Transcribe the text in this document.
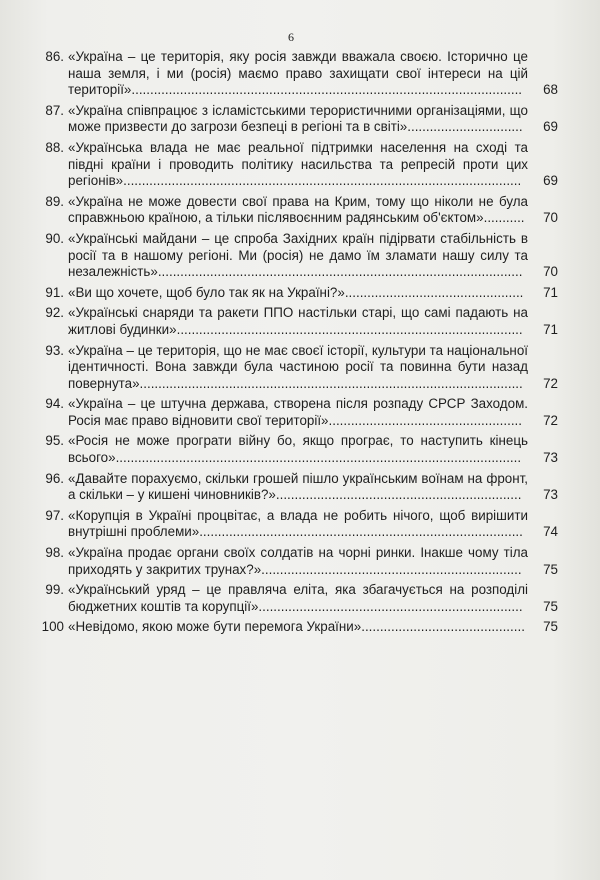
6
86. «Україна – це територія, яку росія завжди вважала своєю. Історично це наша земля, і ми (росія) маємо право захищати свої інтереси на цій території».........................................................................................................	68
87. «Україна співпрацює з ісламістськими терористичними організаціями, що може призвести до загрози безпеці в регіоні та в світі»...............................	69
88. «Українська влада не має реальної підтримки населення на сході та півдні країни і проводить політику насильства та репресій проти цих регіонів»...........................................................................................................	69
89. «Україна не може довести свої права на Крим, тому що ніколи не була справжньою країною, а тільки післявоєнним радянським об'єктом»...........	70
90. «Українські майдани – це спроба Західних країн підірвати стабільність в росії та в нашому регіоні. Ми (росія) не дамо їм зламати нашу силу та незалежність»..................................................................................................	70
91. «Ви що хочете, щоб було так як на Україні?»................................................	71
92. «Українські снаряди та ракети ППО настільки старі, що самі падають на житлові будинки».............................................................................................	71
93. «Україна – це територія, що не має своєї історії, культури та національної ідентичності. Вона завжди була частиною росії та повинна бути назад повернута».......................................................................................................	72
94. «Україна – це штучна держава, створена після розпаду СРСР Заходом. Росія має право відновити свої території»....................................................	72
95. «Росія не може програти війну бо, якщо програє, то наступить кінець всього».............................................................................................................	73
96. «Давайте порахуємо, скільки грошей пішло українським воїнам на фронт, а скільки – у кишені чиновників?»..................................................................	73
97. «Корупція в Україні процвітає, а влада не робить нічого, щоб вирішити внутрішні проблеми».......................................................................................	74
98. «Україна продає органи своїх солдатів на чорні ринки. Інакше чому тіла приходять у закритих трунах?»......................................................................	75
99. «Український уряд – це правляча еліта, яка збагачується на розподілі бюджетних коштів та корупції».......................................................................	75
100 «Невідомо, якою може бути перемога України»............................................	75
